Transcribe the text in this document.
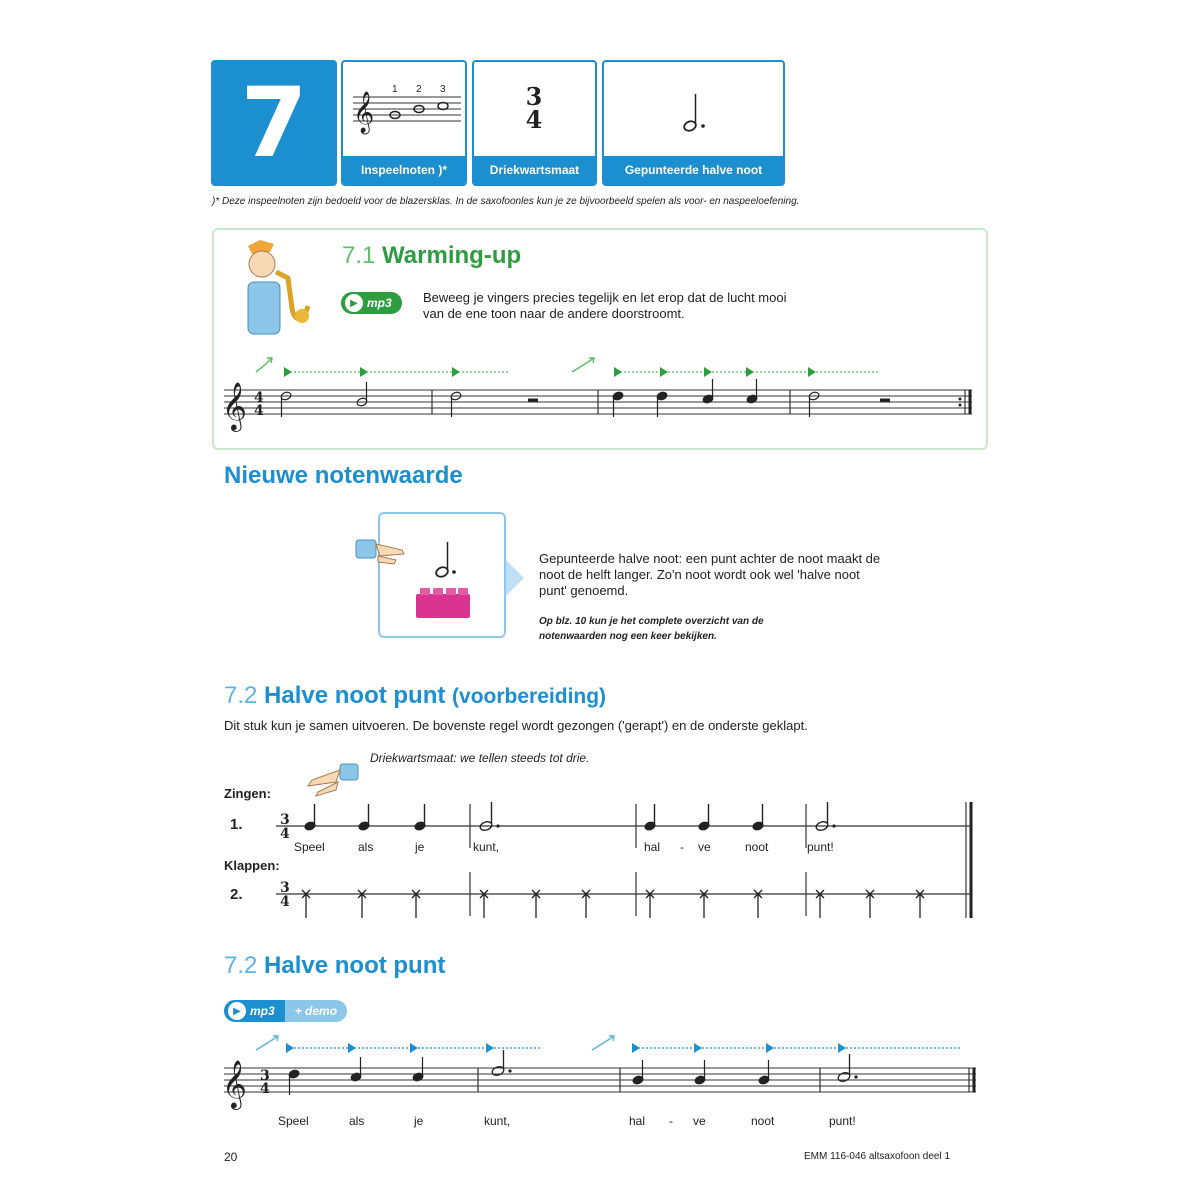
7 𝄞
1 2 3
Inspeelnoten )*
3
4
Driekwartsmaat	Gepunteerde halve noot
)* Deze inspeelnoten zijn bedoeld voor de blazersklas. In de saxofoonles kun je ze bijvoorbeeld spelen als voor- en naspeeloefening.
7.1 Warming-up
▶ mp3 Beweeg je vingers precies tegelijk en let erop dat de lucht mooi
van de ene toon naar de andere doorstroomt.
𝄞 4
4
Nieuwe notenwaarde
Gepunteerde halve noot: een punt achter de noot maakt de
noot de helft langer. Zo'n noot wordt ook wel 'halve noot
punt' genoemd.
Op blz. 10 kun je het complete overzicht van de
notenwaarden nog een keer bekijken.
7.2 Halve noot punt (voorbereiding)
Dit stuk kun je samen uitvoeren. De bovenste regel wordt gezongen ('gerapt') en de onderste geklapt.
Driekwartsmaat: we tellen steeds tot drie.
Zingen:
1.
Klappen:
2.
3
4
3
4
Speel	als	je	kunt,	hal - ve	noot	punt!
7.2 Halve noot punt
▶ mp3	+ demo
𝄞 3
4
Speel	als	je	kunt,	hal - ve	noot	punt!
20	EMM 116-046 altsaxofoon deel 1
